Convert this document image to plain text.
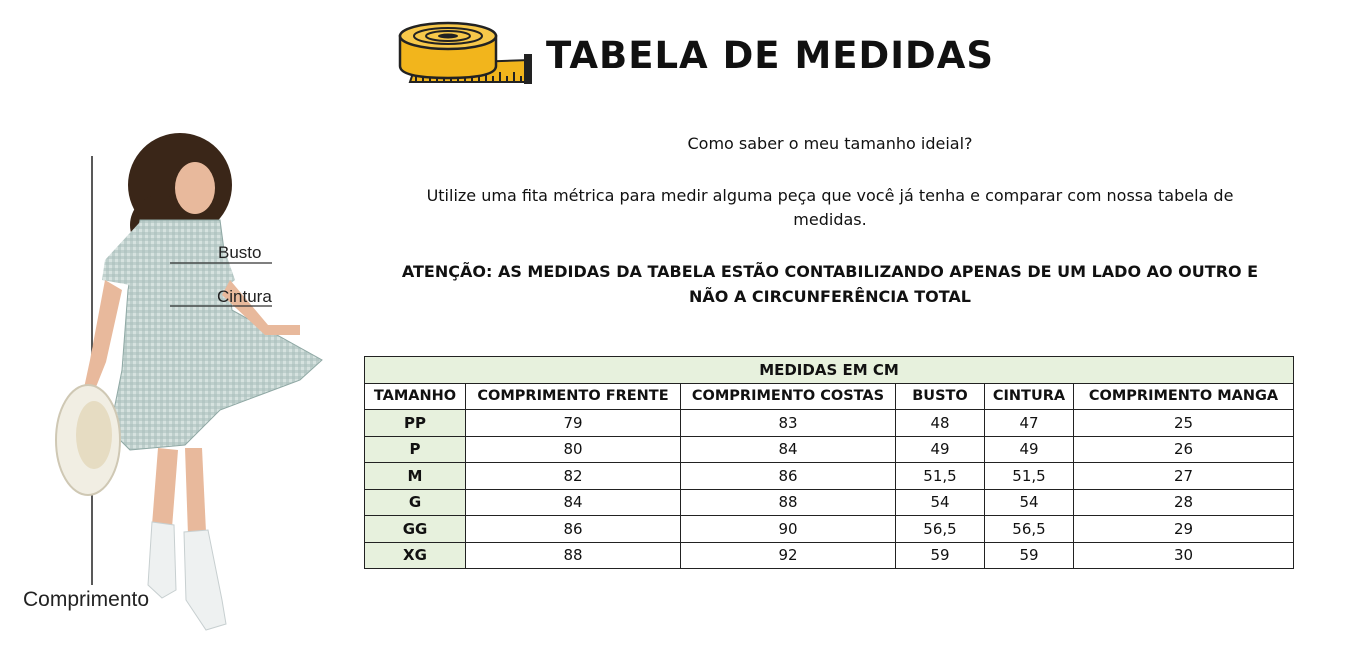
TABELA DE MEDIDAS
Busto
Cintura
Comprimento
Como saber o meu tamanho ideial?
Utilize uma fita métrica para medir alguma peça que você já tenha e comparar com nossa tabela de medidas.
ATENÇÃO: AS MEDIDAS DA TABELA ESTÃO CONTABILIZANDO APENAS DE UM LADO AO OUTRO E NÃO A CIRCUNFERÊNCIA TOTAL
MEDIDAS EM CM					
TAMANHO	COMPRIMENTO FRENTE	COMPRIMENTO COSTAS	BUSTO	CINTURA	COMPRIMENTO MANGA
PP	79	83	48	47	25
P	80	84	49	49	26
M	82	86	51,5	51,5	27
G	84	88	54	54	28
GG	86	90	56,5	56,5	29
XG	88	92	59	59	30
